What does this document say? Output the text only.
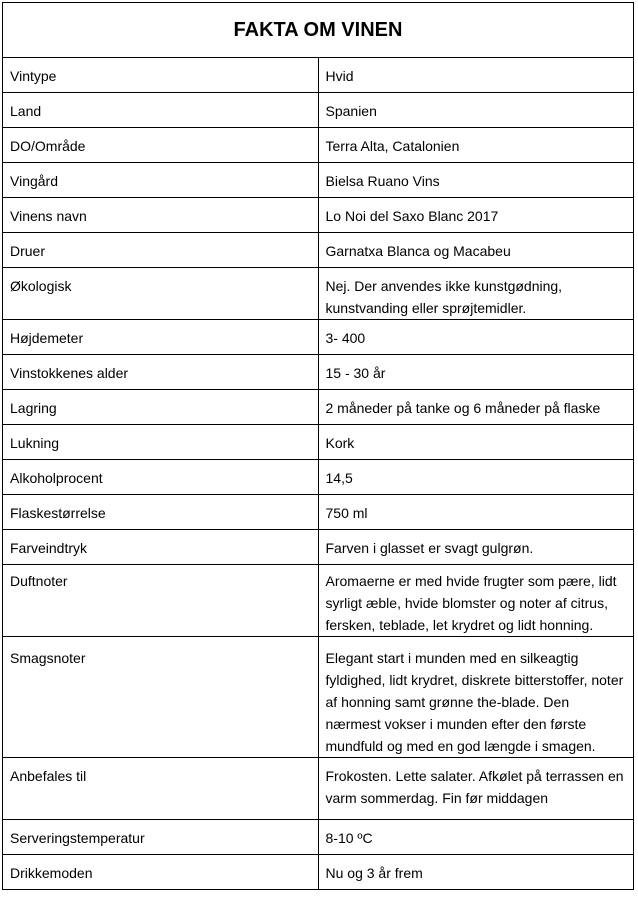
FAKTA OM VINEN	
Vintype	Hvid
Land	Spanien
DO/Område	Terra Alta, Catalonien
Vingård	Bielsa Ruano Vins
Vinens navn	Lo Noi del Saxo Blanc 2017
Druer	Garnatxa Blanca og Macabeu
Økologisk	Nej. Der anvendes ikke kunstgødning, kunstvanding eller sprøjtemidler.
Højdemeter	3- 400
Vinstokkenes alder	15 - 30 år
Lagring	2 måneder på tanke og 6 måneder på flaske
Lukning	Kork
Alkoholprocent	14,5
Flaskestørrelse	750 ml
Farveindtryk	Farven i glasset er svagt gulgrøn.
Duftnoter	Aromaerne er med hvide frugter som pære, lidt syrligt æble, hvide blomster og noter af citrus, fersken, teblade, let krydret og lidt honning.
Smagsnoter	Elegant start i munden med en silkeagtig fyldighed, lidt krydret, diskrete bitterstoffer, noter af honning samt grønne the-blade. Den nærmest vokser i munden efter den første mundfuld og med en god længde i smagen.
Anbefales til	Frokosten. Lette salater. Afkølet på terrassen en varm sommerdag. Fin før middagen
Serveringstemperatur	8-10 ºC
Drikkemoden	Nu og 3 år frem
